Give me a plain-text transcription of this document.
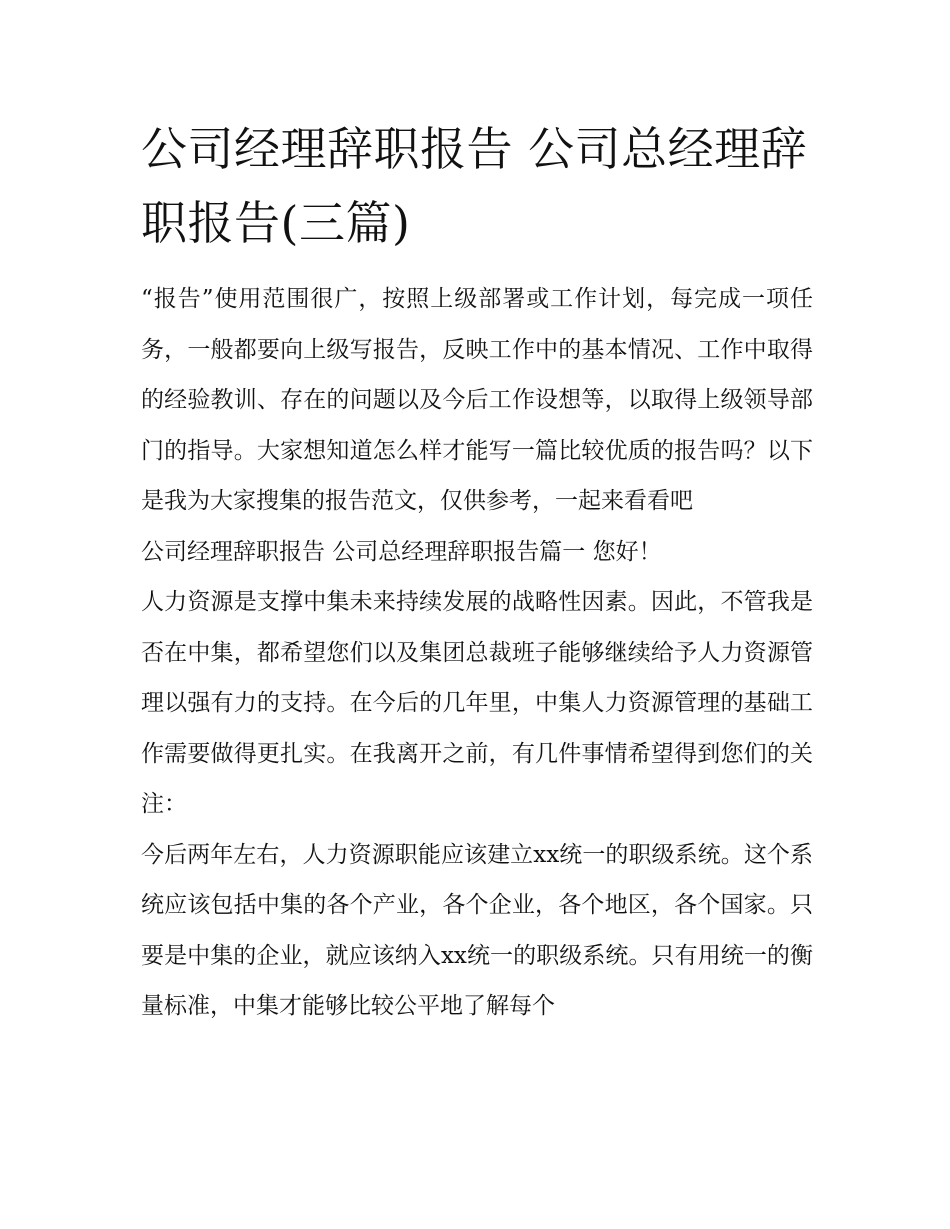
公司经理辞职报告 公司总经理辞职报告(三篇)

“报告”使用范围很广，按照上级部署或工作计划，每完成一项任务，一般都要向上级写报告，反映工作中的基本情况、工作中取得的经验教训、存在的问题以及今后工作设想等，以取得上级领导部门的指导。大家想知道怎么样才能写一篇比较优质的报告吗？以下是我为大家搜集的报告范文，仅供参考，一起来看看吧

公司经理辞职报告 公司总经理辞职报告篇一 您好！

人力资源是支撑中集未来持续发展的战略性因素。因此，不管我是否在中集，都希望您们以及集团总裁班子能够继续给予人力资源管理以强有力的支持。在今后的几年里，中集人力资源管理的基础工作需要做得更扎实。在我离开之前，有几件事情希望得到您们的关注：

今后两年左右，人力资源职能应该建立xx统一的职级系统。这个系统应该包括中集的各个产业，各个企业，各个地区，各个国家。只要是中集的企业，就应该纳入xx统一的职级系统。只有用统一的衡量标准，中集才能够比较公平地了解每个
